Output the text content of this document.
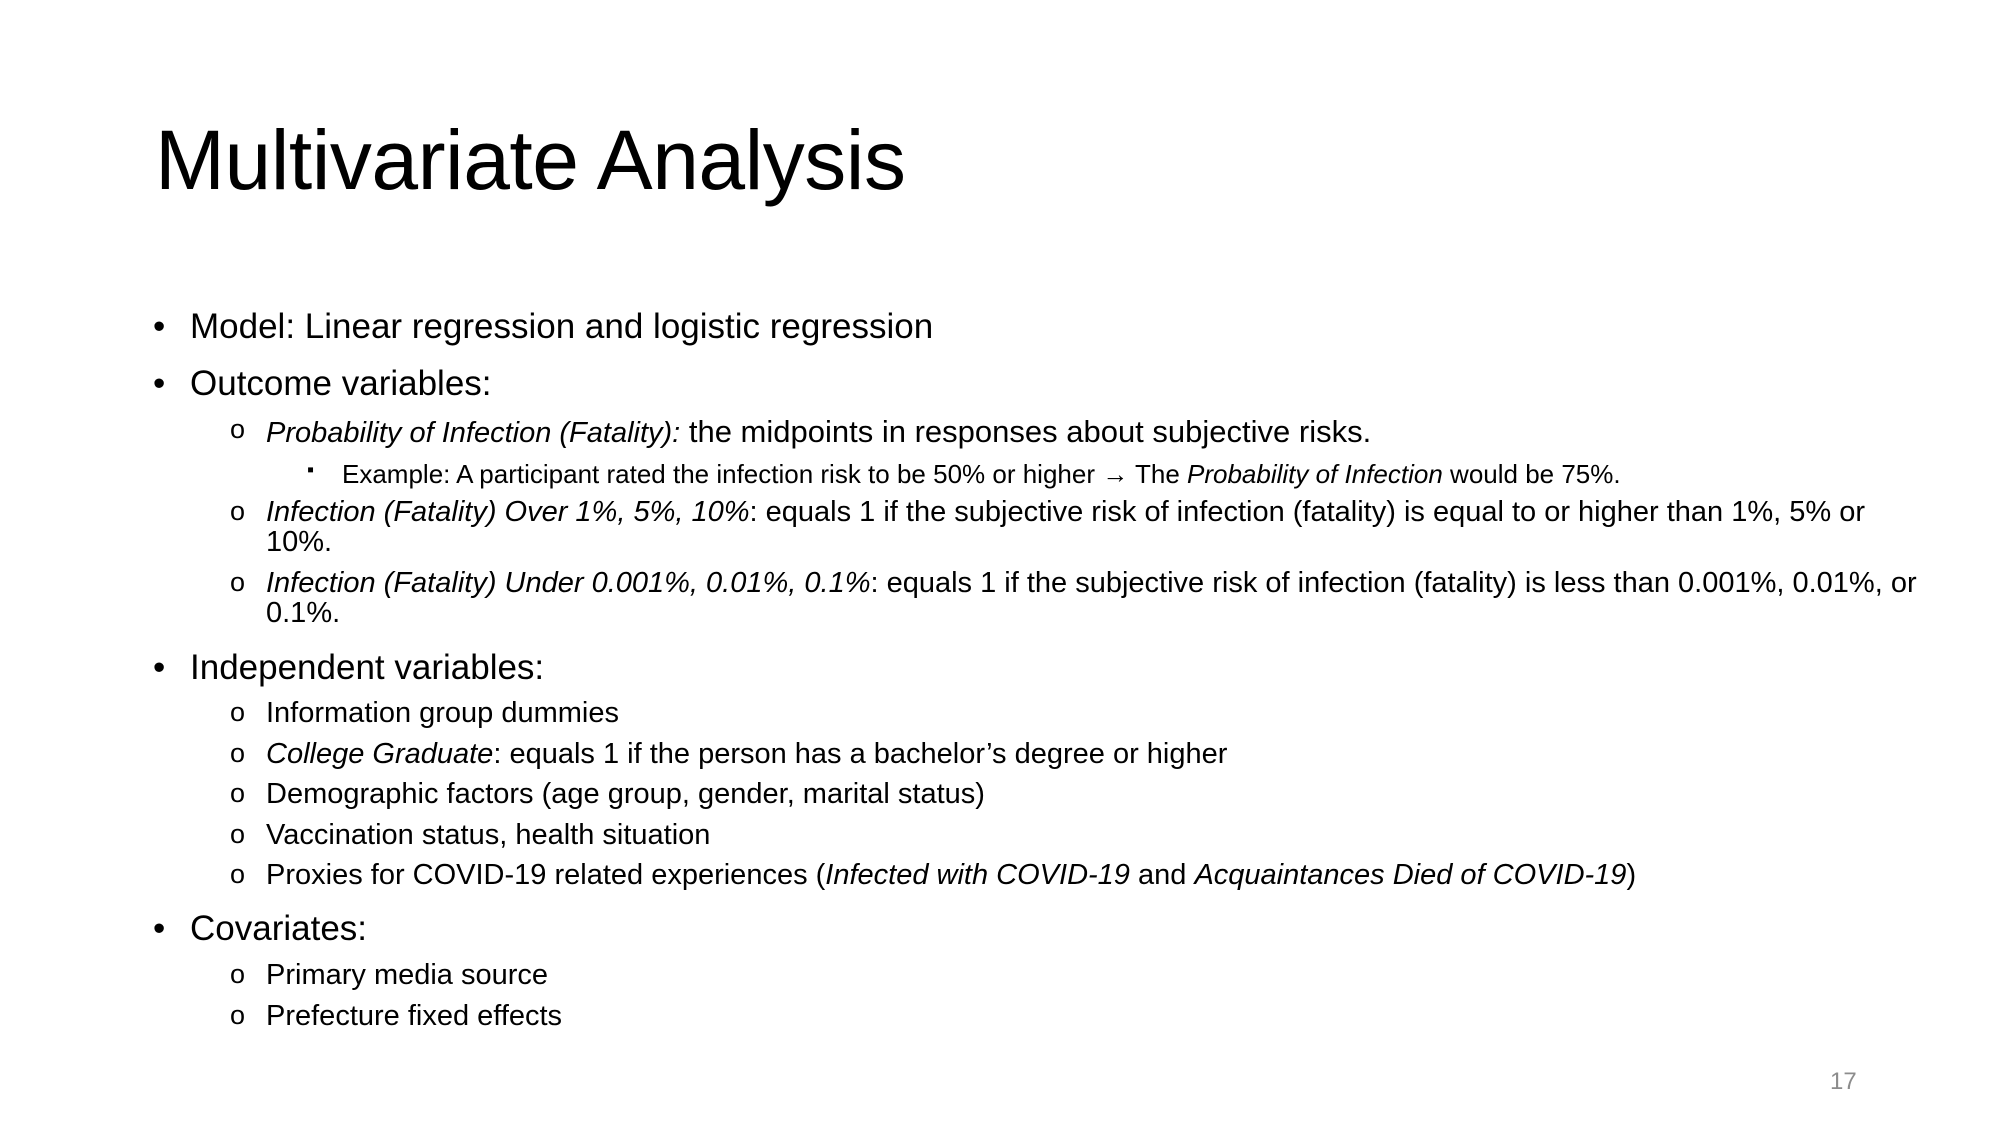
Multivariate Analysis
• Model: Linear regression and logistic regression
• Outcome variables:
o Probability of Infection (Fatality): the midpoints in responses about subjective risks.
▪ Example: A participant rated the infection risk to be 50% or higher → The Probability of Infection would be 75%.
o Infection (Fatality) Over 1%, 5%, 10%: equals 1 if the subjective risk of infection (fatality) is equal to or higher than 1%, 5% or 10%.
o Infection (Fatality) Under 0.001%, 0.01%, 0.1%: equals 1 if the subjective risk of infection (fatality) is less than 0.001%, 0.01%, or 0.1%.
• Independent variables:
o Information group dummies
o College Graduate: equals 1 if the person has a bachelor’s degree or higher
o Demographic factors (age group, gender, marital status)
o Vaccination status, health situation
o Proxies for COVID-19 related experiences (Infected with COVID-19 and Acquaintances Died of COVID-19)
• Covariates:
o Primary media source
o Prefecture fixed effects
17
